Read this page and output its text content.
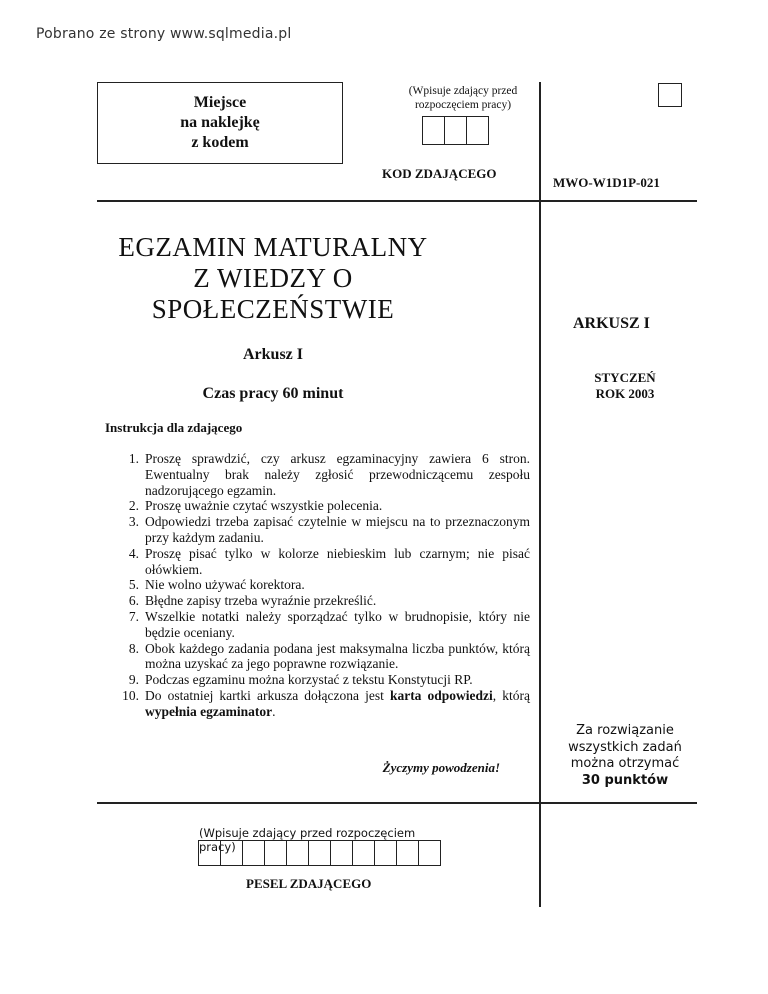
Pobrano ze strony www.sqlmedia.pl
Miejsce
na naklejkę
z kodem
(Wpisuje zdający przed rozpoczęciem pracy)
KOD ZDAJĄCEGO
MWO-W1D1P-021
EGZAMIN MATURALNY
Z WIEDZY O
SPOŁECZEŃSTWIE	ARKUSZ I
Arkusz I
Czas pracy 60 minut
STYCZEŃ
ROK 2003
Instrukcja dla zdającego
1. Proszę sprawdzić, czy arkusz egzaminacyjny zawiera 6 stron. Ewentualny brak należy zgłosić przewodniczącemu zespołu nadzorującego egzamin.
2. Proszę uważnie czytać wszystkie polecenia.
3. Odpowiedzi trzeba zapisać czytelnie w miejscu na to przeznaczonym przy każdym zadaniu.
4. Proszę pisać tylko w kolorze niebieskim lub czarnym; nie pisać ołówkiem.
5. Nie wolno używać korektora.
6. Błędne zapisy trzeba wyraźnie przekreślić.
7. Wszelkie notatki należy sporządzać tylko w brudnopisie, który nie będzie oceniany.
8. Obok każdego zadania podana jest maksymalna liczba punktów, którą można uzyskać za jego poprawne rozwiązanie.
9. Podczas egzaminu można korzystać z tekstu Konstytucji RP.
10. Do ostatniej kartki arkusza dołączona jest karta odpowiedzi, którą wypełnia egzaminator.
Życzymy powodzenia!
Za rozwiązanie
wszystkich zadań
można otrzymać
30 punktów
(Wpisuje zdający przed rozpoczęciem pracy)
PESEL ZDAJĄCEGO
